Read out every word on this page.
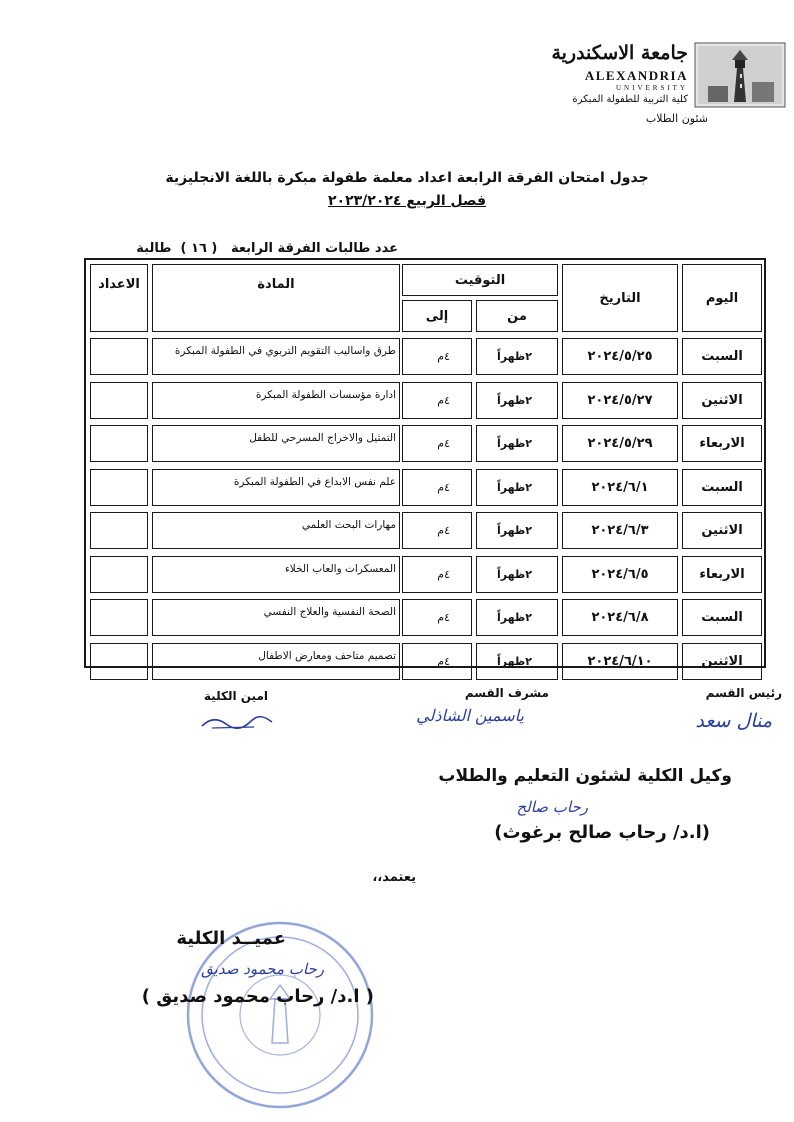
جامعة الاسكندرية
ALEXANDRIA
UNIVERSITY
كلية التربية للطفولة المبكرة
شئون الطلاب
جدول امتحان الفرقة الرابعة اعداد معلمة طفولة مبكرة باللغة الانجليزية
فصل الربيع ٢٠٢٣/٢٠٢٤
عدد طالبات الفرقة الرابعة   ( ١٦ )  طالبة
اليوم
التاريخ
التوقيت
من
إلى
المادة
الاعداد
السبت
٢٠٢٤/٥/٢٥
٢ظهراً
٤م
طرق واساليب التقويم التربوي في الطفولة المبكرة
الاثنين
٢٠٢٤/٥/٢٧
٢ظهراً
٤م
ادارة مؤسسات الطفولة المبكرة
الاربعاء
٢٠٢٤/٥/٢٩
٢ظهراً
٤م
التمثيل والاخراج المسرحي للطفل
السبت
٢٠٢٤/٦/١
٢ظهراً
٤م
علم نفس الابداع في الطفولة المبكرة
الاثنين
٢٠٢٤/٦/٣
٢ظهراً
٤م
مهارات البحث العلمي
الاربعاء
٢٠٢٤/٦/٥
٢ظهراً
٤م
المعسكرات والعاب الخلاء
السبت
٢٠٢٤/٦/٨
٢ظهراً
٤م
الصحة النفسية والعلاج النفسي
الاثنين
٢٠٢٤/٦/١٠
٢ظهراً
٤م
تصميم متاحف ومعارض الاطفال
رئيس القسم
مشرف القسم
امين الكلية
منال سعد
ياسمين الشاذلي
وكيل الكلية لشئون التعليم والطلاب
رحاب صالح
(ا.د/ رحاب صالح برغوث)
يعتمد،،
عميــد الكلية
رحاب محمود صديق
( ا.د/ رحاب محمود صديق )
